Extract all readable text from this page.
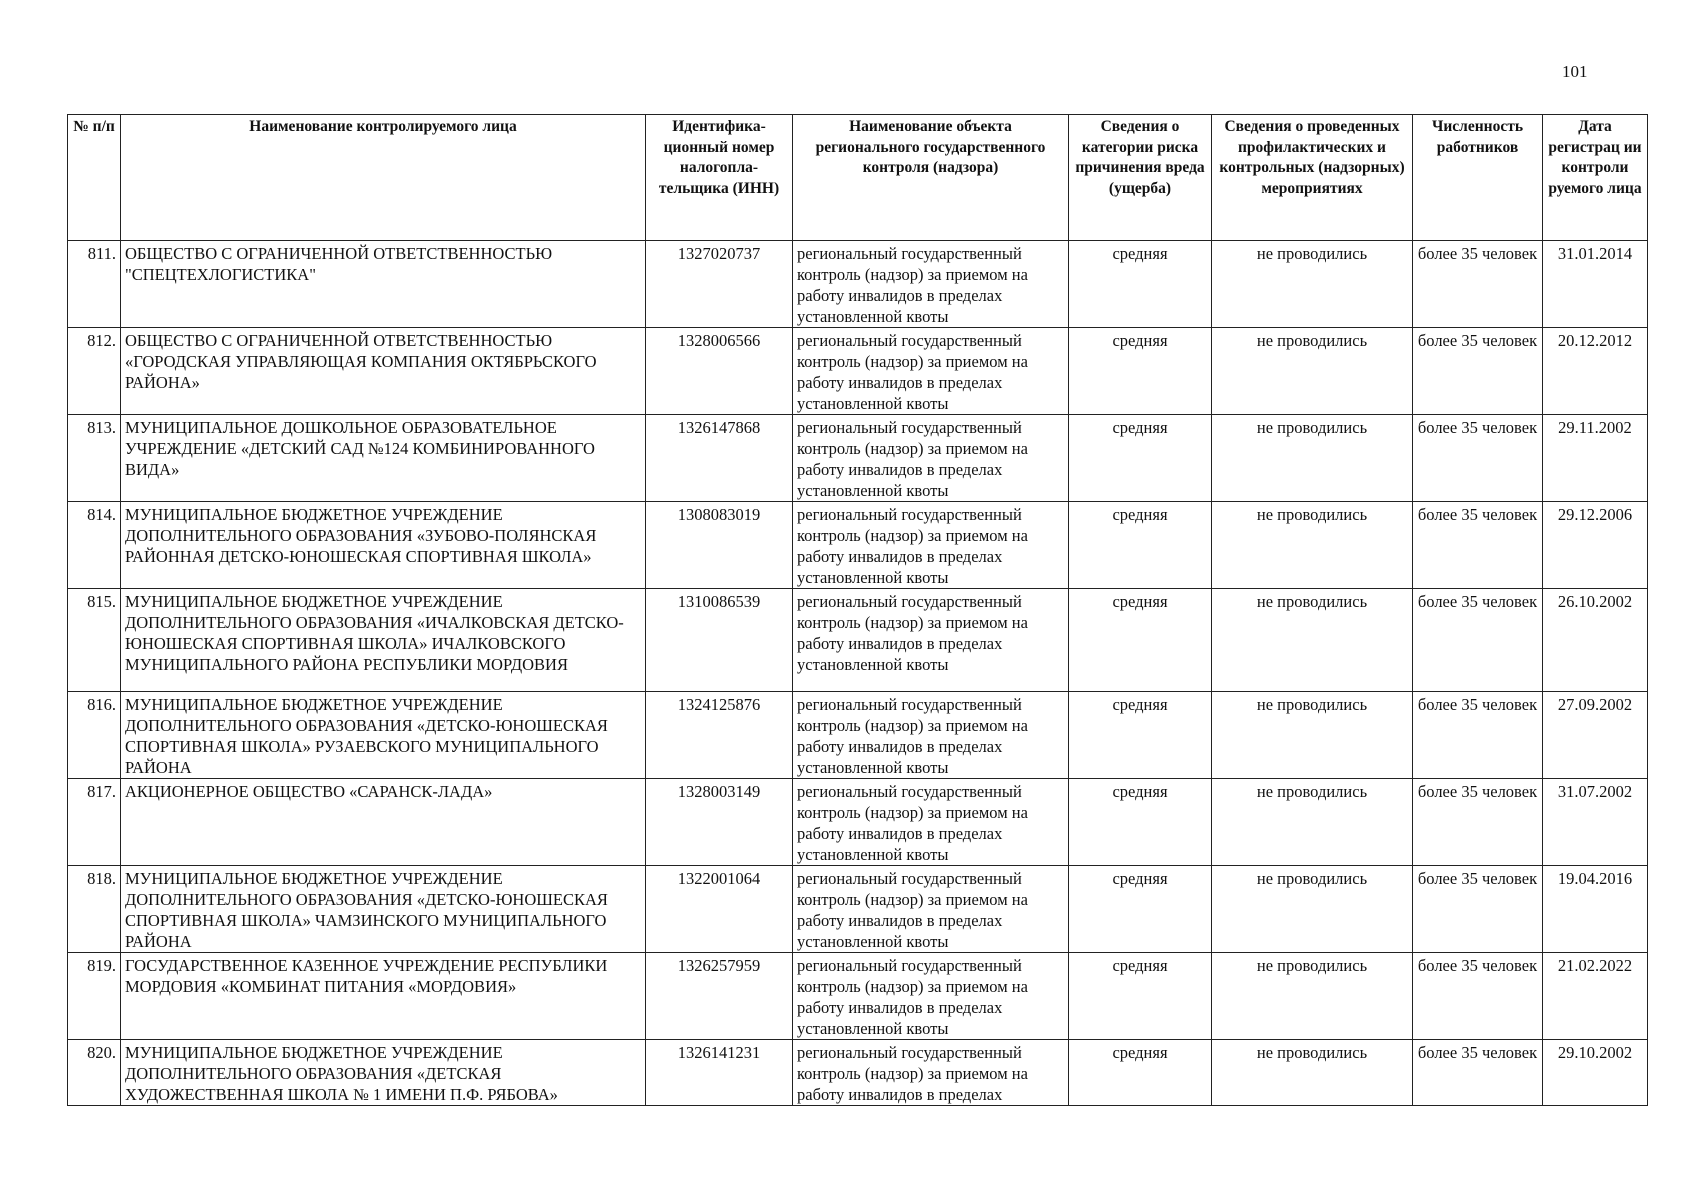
101
№ п/п	Наименование контролируемого лица	Идентифика-ционный номер налогопла-тельщика (ИНН)	Наименование объекта регионального государственного контроля (надзора)	Сведения о категории риска причинения вреда (ущерба)	Сведения о проведенных профилактических и контрольных (надзорных) мероприятиях	Численность работников	Дата регистрац ии контроли руемого лица
811.	ОБЩЕСТВО С ОГРАНИЧЕННОЙ ОТВЕТСТВЕННОСТЬЮ "СПЕЦТЕХЛОГИСТИКА"	1327020737	региональный государственный контроль (надзор) за приемом на работу инвалидов в пределах установленной квоты	средняя	не проводились	более 35 человек	31.01.2014
812.	ОБЩЕСТВО С ОГРАНИЧЕННОЙ ОТВЕТСТВЕННОСТЬЮ «ГОРОДСКАЯ УПРАВЛЯЮЩАЯ КОМПАНИЯ ОКТЯБРЬСКОГО РАЙОНА»	1328006566	региональный государственный контроль (надзор) за приемом на работу инвалидов в пределах установленной квоты	средняя	не проводились	более 35 человек	20.12.2012
813.	МУНИЦИПАЛЬНОЕ ДОШКОЛЬНОЕ ОБРАЗОВАТЕЛЬНОЕ УЧРЕЖДЕНИЕ «ДЕТСКИЙ САД №124 КОМБИНИРОВАННОГО ВИДА»	1326147868	региональный государственный контроль (надзор) за приемом на работу инвалидов в пределах установленной квоты	средняя	не проводились	более 35 человек	29.11.2002
814.	МУНИЦИПАЛЬНОЕ БЮДЖЕТНОЕ УЧРЕЖДЕНИЕ ДОПОЛНИТЕЛЬНОГО ОБРАЗОВАНИЯ «ЗУБОВО-ПОЛЯНСКАЯ РАЙОННАЯ ДЕТСКО-ЮНОШЕСКАЯ СПОРТИВНАЯ ШКОЛА»	1308083019	региональный государственный контроль (надзор) за приемом на работу инвалидов в пределах установленной квоты	средняя	не проводились	более 35 человек	29.12.2006
815.	МУНИЦИПАЛЬНОЕ БЮДЖЕТНОЕ УЧРЕЖДЕНИЕ ДОПОЛНИТЕЛЬНОГО ОБРАЗОВАНИЯ «ИЧАЛКОВСКАЯ ДЕТСКО-ЮНОШЕСКАЯ СПОРТИВНАЯ ШКОЛА» ИЧАЛКОВСКОГО МУНИЦИПАЛЬНОГО РАЙОНА РЕСПУБЛИКИ МОРДОВИЯ	1310086539	региональный государственный контроль (надзор) за приемом на работу инвалидов в пределах установленной квоты	средняя	не проводились	более 35 человек	26.10.2002
816.	МУНИЦИПАЛЬНОЕ БЮДЖЕТНОЕ УЧРЕЖДЕНИЕ ДОПОЛНИТЕЛЬНОГО ОБРАЗОВАНИЯ «ДЕТСКО-ЮНОШЕСКАЯ СПОРТИВНАЯ ШКОЛА» РУЗАЕВСКОГО МУНИЦИПАЛЬНОГО РАЙОНА	1324125876	региональный государственный контроль (надзор) за приемом на работу инвалидов в пределах установленной квоты	средняя	не проводились	более 35 человек	27.09.2002
817.	АКЦИОНЕРНОЕ ОБЩЕСТВО «САРАНСК-ЛАДА»	1328003149	региональный государственный контроль (надзор) за приемом на работу инвалидов в пределах установленной квоты	средняя	не проводились	более 35 человек	31.07.2002
818.	МУНИЦИПАЛЬНОЕ БЮДЖЕТНОЕ УЧРЕЖДЕНИЕ ДОПОЛНИТЕЛЬНОГО ОБРАЗОВАНИЯ «ДЕТСКО-ЮНОШЕСКАЯ СПОРТИВНАЯ ШКОЛА» ЧАМЗИНСКОГО МУНИЦИПАЛЬНОГО РАЙОНА	1322001064	региональный государственный контроль (надзор) за приемом на работу инвалидов в пределах установленной квоты	средняя	не проводились	более 35 человек	19.04.2016
819.	ГОСУДАРСТВЕННОЕ КАЗЕННОЕ УЧРЕЖДЕНИЕ РЕСПУБЛИКИ МОРДОВИЯ «КОМБИНАТ ПИТАНИЯ «МОРДОВИЯ»	1326257959	региональный государственный контроль (надзор) за приемом на работу инвалидов в пределах установленной квоты	средняя	не проводились	более 35 человек	21.02.2022
820.	МУНИЦИПАЛЬНОЕ БЮДЖЕТНОЕ УЧРЕЖДЕНИЕ ДОПОЛНИТЕЛЬНОГО ОБРАЗОВАНИЯ «ДЕТСКАЯ ХУДОЖЕСТВЕННАЯ ШКОЛА № 1 ИМЕНИ П.Ф. РЯБОВА»	1326141231	региональный государственный контроль (надзор) за приемом на работу инвалидов в пределах	средняя	не проводились	более 35 человек	29.10.2002
